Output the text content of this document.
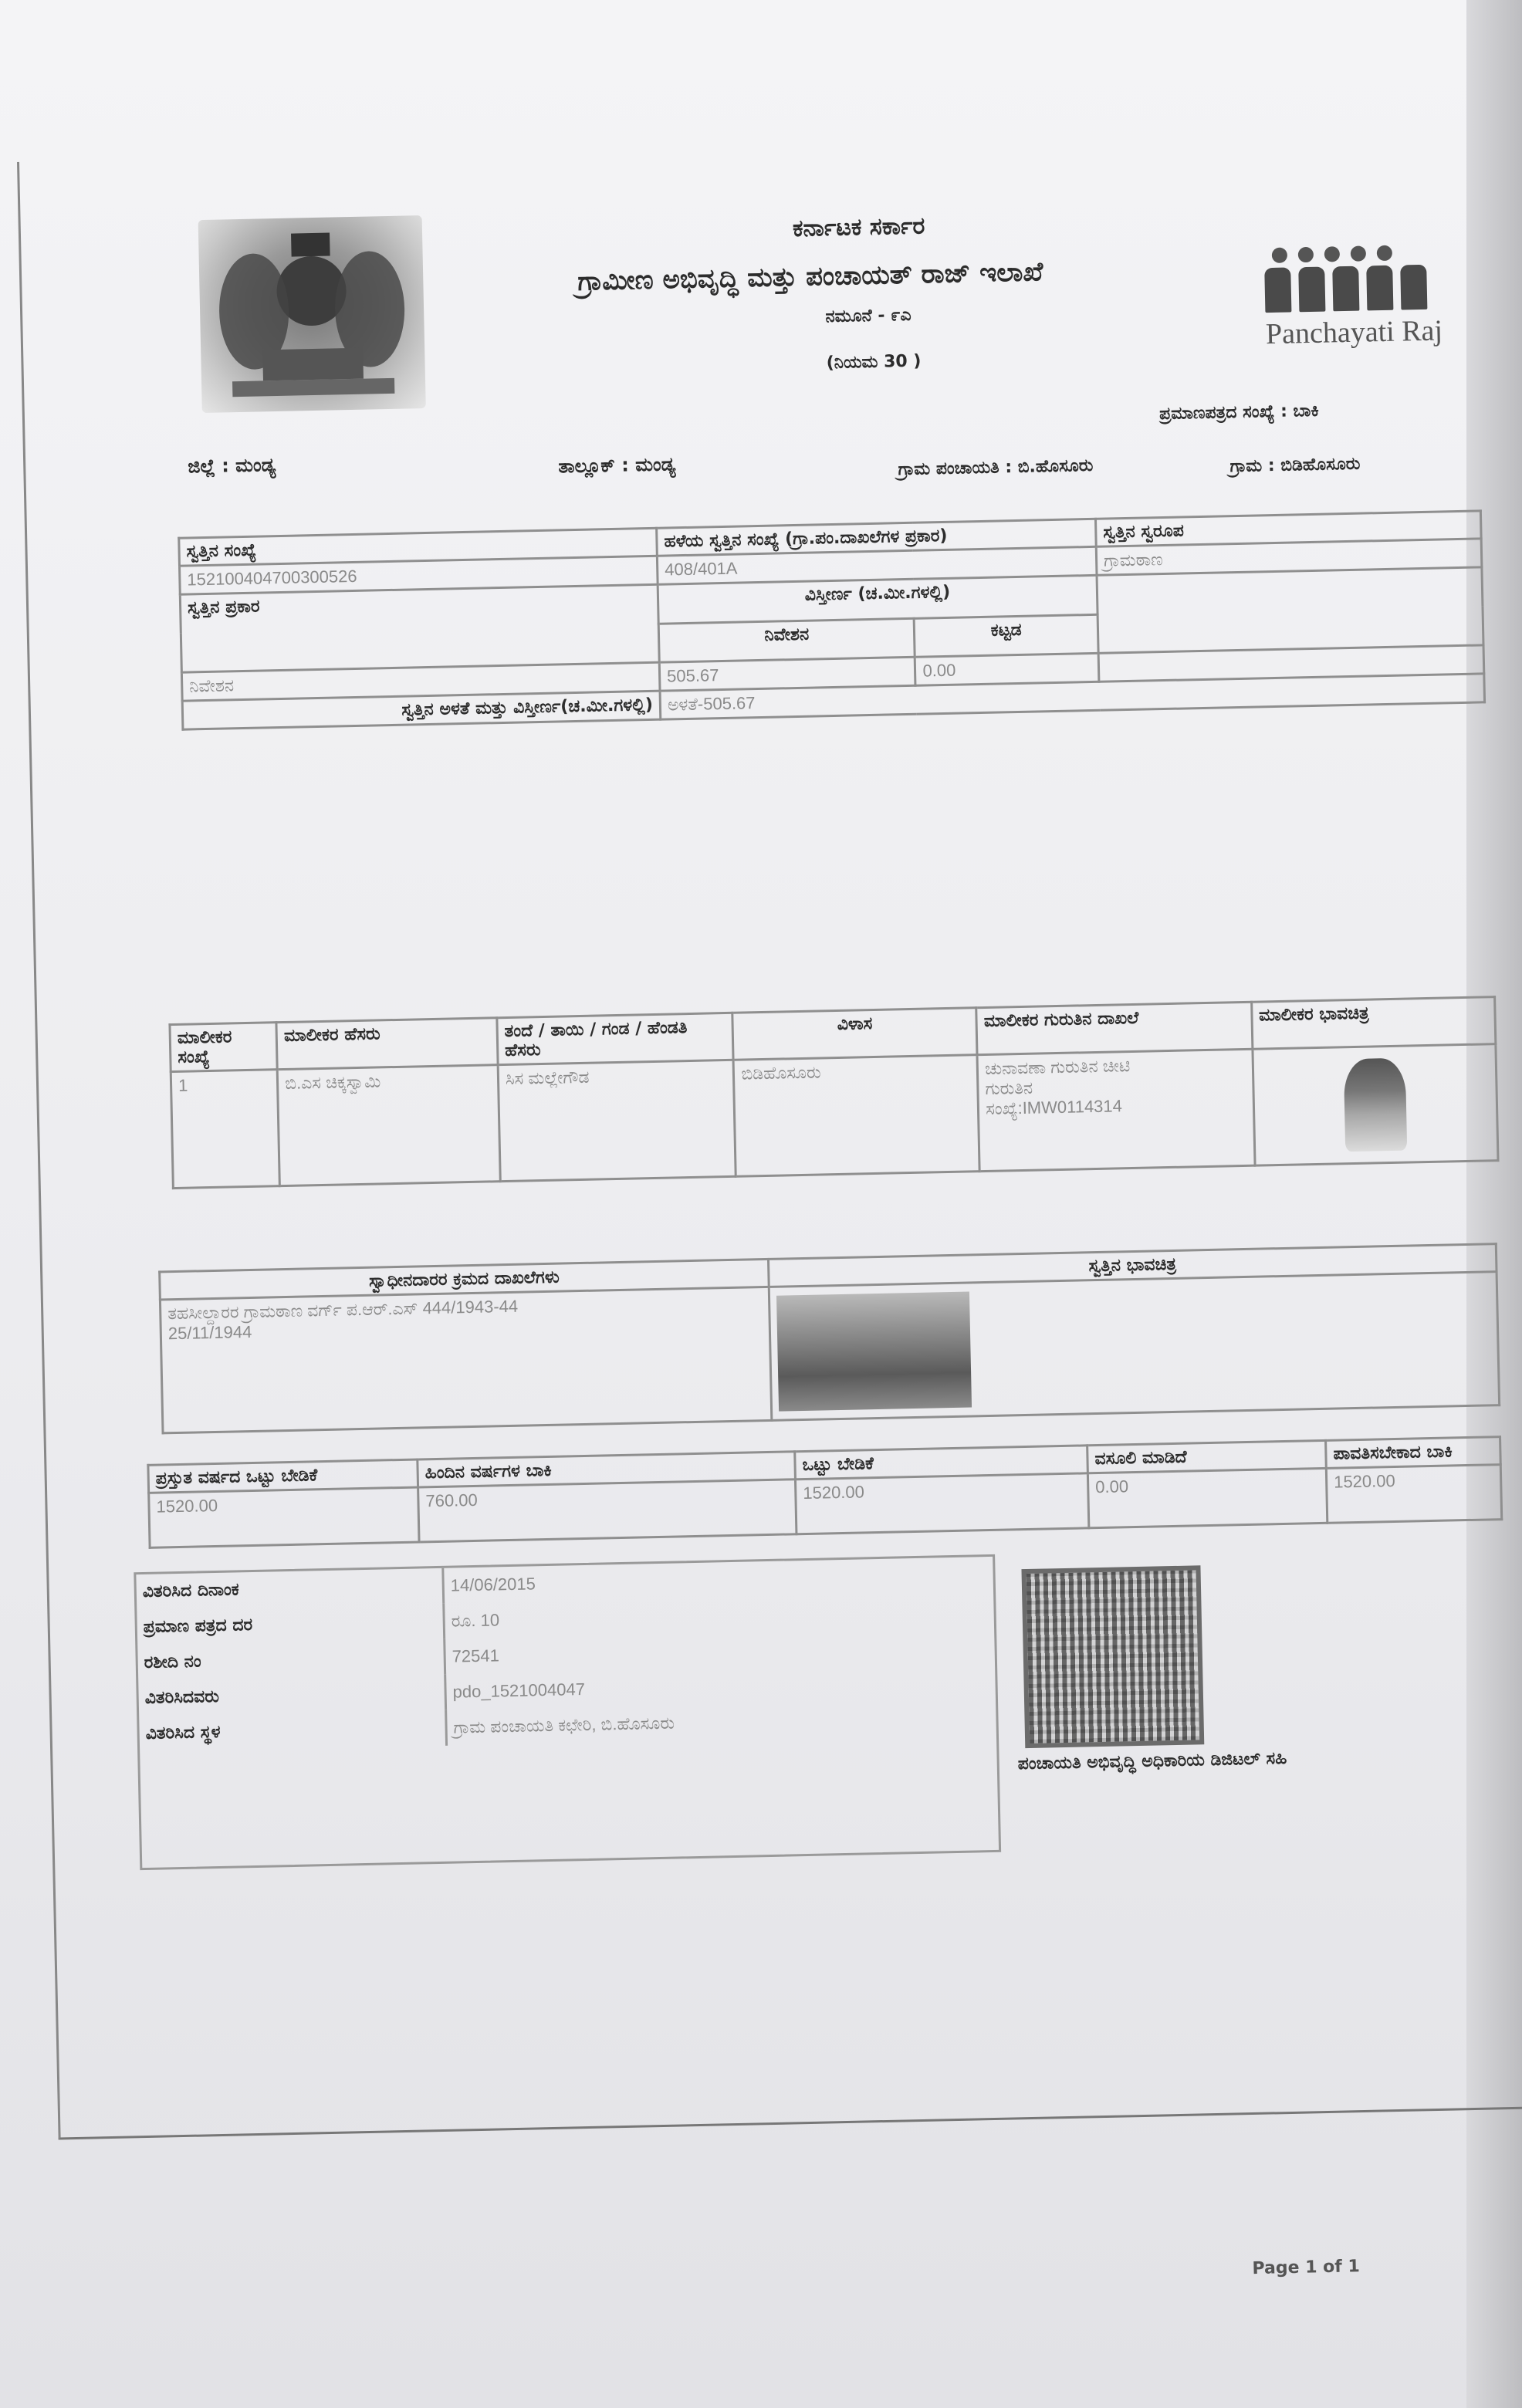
ಕರ್ನಾಟಕ ಸರ್ಕಾರ
ಗ್ರಾಮೀಣ ಅಭಿವೃದ್ಧಿ ಮತ್ತು ಪಂಚಾಯತ್ ರಾಜ್ ಇಲಾಖೆ
ನಮೂನೆ - ೯ಎ
(ನಿಯಮ 30 )
Panchayati Raj
ಪ್ರಮಾಣಪತ್ರದ ಸಂಖ್ಯೆ : ಬಾಕಿ
ಜಿಲ್ಲೆ : ಮಂಡ್ಯ	ತಾಲ್ಲೂಕ್ : ಮಂಡ್ಯ	ಗ್ರಾಮ ಪಂಚಾಯತಿ : ಬಿ.ಹೊಸೂರು	ಗ್ರಾಮ : ಬಿಡಿಹೊಸೂರು
ಸ್ವತ್ತಿನ ಸಂಖ್ಯೆ	ಹಳೆಯ ಸ್ವತ್ತಿನ ಸಂಖ್ಯೆ (ಗ್ರಾ.ಪಂ.ದಾಖಲೆಗಳ ಪ್ರಕಾರ)		ಸ್ವತ್ತಿನ ಸ್ವರೂಪ
152100404700300526	408/401A		ಗ್ರಾಮಠಾಣ
ಸ್ವತ್ತಿನ ಪ್ರಕಾರ	ವಿಸ್ತೀರ್ಣ (ಚ.ಮೀ.ಗಳಲ್ಲಿ)		
	ನಿವೇಶನ	ಕಟ್ಟಡ	
ನಿವೇಶನ	505.67	0.00	
ಸ್ವತ್ತಿನ ಅಳತೆ ಮತ್ತು ವಿಸ್ತೀರ್ಣ(ಚ.ಮೀ.ಗಳಲ್ಲಿ)	ಅಳತೆ-505.67		
ಮಾಲೀಕರ ಸಂಖ್ಯೆ	ಮಾಲೀಕರ ಹೆಸರು	ತಂದೆ / ತಾಯಿ / ಗಂಡ / ಹೆಂಡತಿ ಹೆಸರು	ವಿಳಾಸ	ಮಾಲೀಕರ ಗುರುತಿನ ದಾಖಲೆ	ಮಾಲೀಕರ ಭಾವಚಿತ್ರ
1	ಬಿ.ಎಸ ಚಿಕ್ಕಸ್ವಾಮಿ	ಸಿಸ ಮಲ್ಲೇಗೌಡ	ಬಿಡಿಹೊಸೂರು	ಚುನಾವಣಾ ಗುರುತಿನ ಚೀಟಿ
ಗುರುತಿನ
ಸಂಖ್ಯೆ:IMW0114314	

ಸ್ವಾಧೀನದಾರರ ಕ್ರಮದ ದಾಖಲೆಗಳು	ಸ್ವತ್ತಿನ ಭಾವಚಿತ್ರ

ತಹಸೀಲ್ದಾರರ ಗ್ರಾಮಠಾಣ ವರ್ಗ್ ಪ.ಆರ್.ಎಸ್ 444/1943-44
25/11/1944	

ಪ್ರಸ್ತುತ ವರ್ಷದ ಒಟ್ಟು ಬೇಡಿಕೆ	ಹಿಂದಿನ ವರ್ಷಗಳ ಬಾಕಿ	ಒಟ್ಟು ಬೇಡಿಕೆ	ವಸೂಲಿ ಮಾಡಿದೆ	ಪಾವತಿಸಬೇಕಾದ ಬಾಕಿ
1520.00	760.00	1520.00	0.00	1520.00
ವಿತರಿಸಿದ ದಿನಾಂಕ	14/06/2015
ಪ್ರಮಾಣ ಪತ್ರದ ದರ	ರೂ. 10
ರಶೀದಿ ನಂ	72541
ವಿತರಿಸಿದವರು	pdo_1521004047
ವಿತರಿಸಿದ ಸ್ಥಳ	ಗ್ರಾಮ ಪಂಚಾಯತಿ ಕಛೇರಿ, ಬಿ.ಹೊಸೂರು
ಪಂಚಾಯತಿ ಅಭಿವೃದ್ಧಿ ಅಧಿಕಾರಿಯ ಡಿಜಿಟಲ್ ಸಹಿ
Page 1 of 1
